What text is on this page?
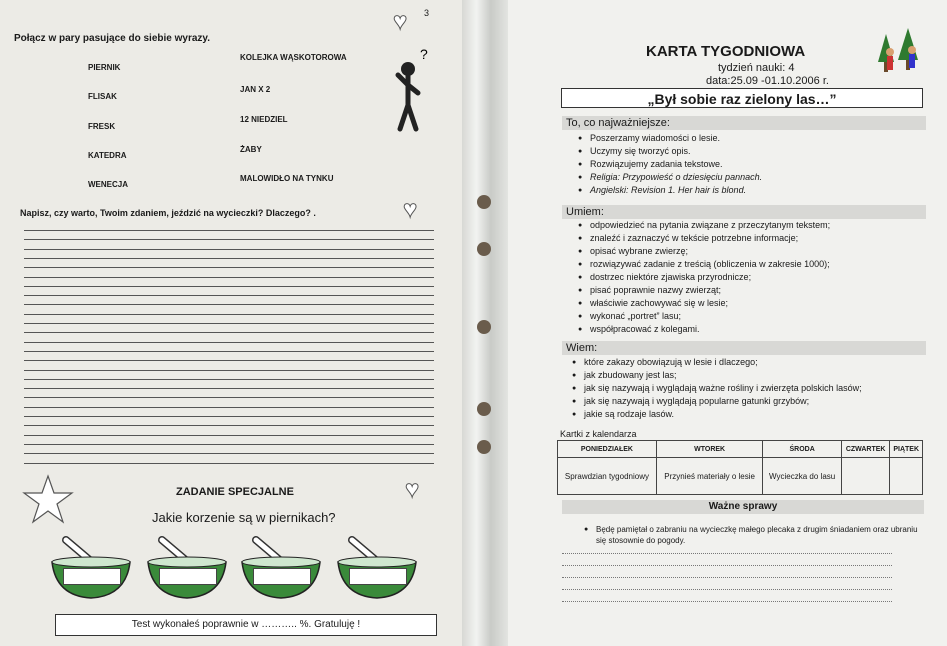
♥ 3
Połącz w pary pasujące do siebie wyrazy.
PIERNIK
FLISAK
FRESK
KATEDRA
WENECJA
KOLEJKA WĄSKOTOROWA
JAN X 2
12 NIEDZIEL
ŻABY
MALOWIDŁO NA TYNKU
?
♥
Napisz, czy warto, Twoim zdaniem, jeździć na wycieczki? Dlaczego? .
ZADANIE SPECJALNE	♥
Jakie korzenie są w piernikach?
Test wykonałeś poprawnie w ……….. %. Gratuluję !
KARTA TYGODNIOWA
tydzień nauki: 4
data:25.09 -01.10.2006 r.
„Był sobie raz zielony las…”
To, co najważniejsze:
● Poszerzamy wiadomości o lesie.
● Uczymy się tworzyć opis.
● Rozwiązujemy zadania tekstowe.
● Religia: Przypowieść o dziesięciu pannach.
● Angielski: Revision 1. Her hair is blond.
Umiem:
● odpowiedzieć na pytania związane z przeczytanym tekstem;
● znaleźć i zaznaczyć w tekście potrzebne informacje;
● opisać wybrane zwierzę;
● rozwiązywać zadanie z treścią (obliczenia w zakresie 1000);
● dostrzec niektóre zjawiska przyrodnicze;
● pisać poprawnie nazwy zwierząt;
● właściwie zachowywać się w lesie;
● wykonać „portret” lasu;
● współpracować z kolegami.
Wiem:
● które zakazy obowiązują w lesie i dlaczego;
● jak zbudowany jest las;
● jak się nazywają i wyglądają ważne rośliny i zwierzęta polskich lasów;
● jak się nazywają i wyglądają popularne gatunki grzybów;
● jakie są rodzaje lasów.
Kartki z kalendarza
PONIEDZIAŁEK	WTOREK	ŚRODA	CZWARTEK	PIĄTEK
Sprawdzian tygodniowy	Przynieś materiały o lesie	Wycieczka do lasu		
Ważne sprawy
● Będę pamiętał o zabraniu na wycieczkę małego plecaka z drugim śniadaniem oraz ubraniu się stosownie do pogody.
